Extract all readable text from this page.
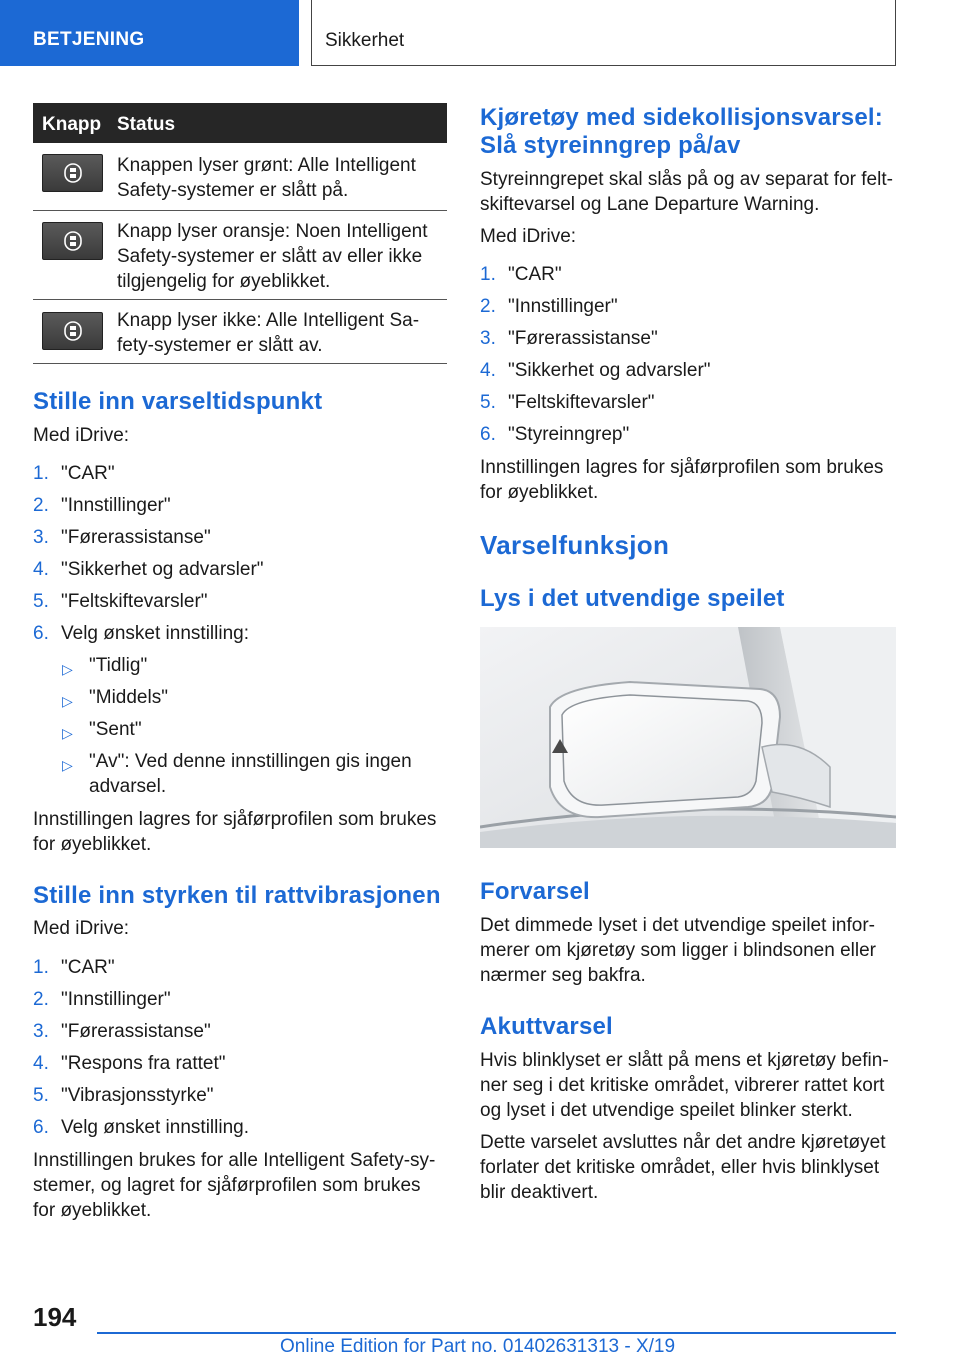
BETJENING	Sikkerhet
Knapp Status
Knappen lyser grønt: Alle Intelligent Safety-systemer er slått på.
Knapp lyser oransje: Noen Intelligent Safety-systemer er slått av eller ikke tilgjengelig for øyeblikket.
Knapp lyser ikke: Alle Intelligent Safety-systemer er slått av.
Stille inn varseltidspunkt
Med iDrive:
1. "CAR"
2. "Innstillinger"
3. "Førerassistanse"
4. "Sikkerhet og advarsler"
5. "Feltskiftevarsler"
6. Velg ønsket innstilling:
▷ "Tidlig"
▷ "Middels"
▷ "Sent"
▷ "Av": Ved denne innstillingen gis ingen advarsel.
Innstillingen lagres for sjåførprofilen som brukes for øyeblikket.
Stille inn styrken til rattvibrasjonen
Med iDrive:
1. "CAR"
2. "Innstillinger"
3. "Førerassistanse"
4. "Respons fra rattet"
5. "Vibrasjonsstyrke"
6. Velg ønsket innstilling.
Innstillingen brukes for alle Intelligent Safety-systemer, og lagret for sjåførprofilen som brukes for øyeblikket.
Kjøretøy med sidekollisjonsvarsel: Slå styreinngrep på/av
Styreinngrepet skal slås på og av separat for feltskiftevarsel og Lane Departure Warning.
Med iDrive:
1. "CAR"
2. "Innstillinger"
3. "Førerassistanse"
4. "Sikkerhet og advarsler"
5. "Feltskiftevarsler"
6. "Styreinngrep"
Innstillingen lagres for sjåførprofilen som brukes for øyeblikket.
Varselfunksjon
Lys i det utvendige speilet
Forvarsel
Det dimmede lyset i det utvendige speilet informerer om kjøretøy som ligger i blindsonen eller nærmer seg bakfra.
Akuttvarsel
Hvis blinklyset er slått på mens et kjøretøy befinner seg i det kritiske området, vibrerer rattet kort og lyset i det utvendige speilet blinker sterkt.
Dette varselet avsluttes når det andre kjøretøyet forlater det kritiske området, eller hvis blinklyset blir deaktivert.
194
Online Edition for Part no. 01402631313 - X/19
